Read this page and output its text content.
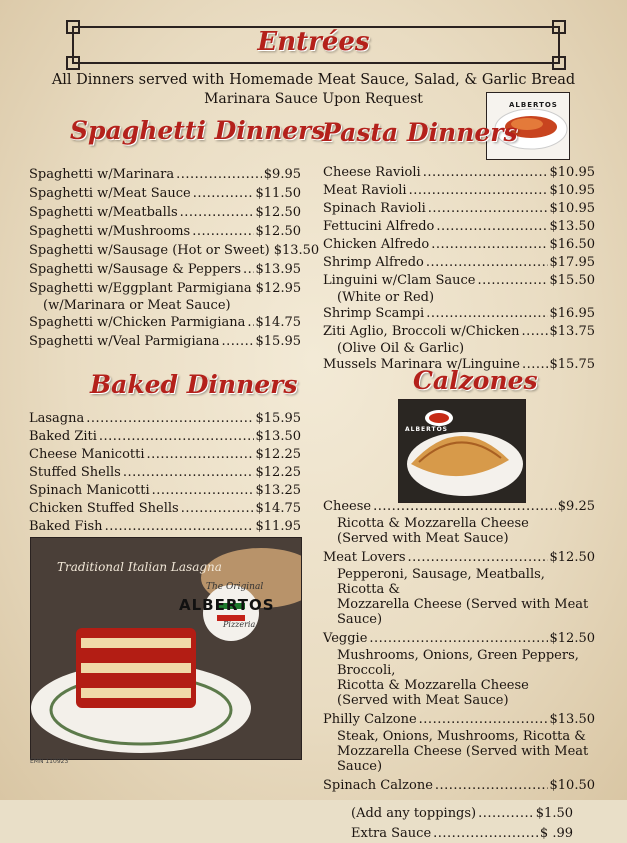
Entrées
All Dinners served with Homemade Meat Sauce, Salad, & Garlic Bread
Marinara Sauce Upon Request	ALBERTOS
Spaghetti Dinners
Pasta Dinners
Baked Dinners	Calzones
Spaghetti w/Marinara .....	$9.95
Spaghetti w/Meat Sauce .....	$11.50
Spaghetti w/Meatballs .....	$12.50
Spaghetti w/Mushrooms .....	$12.50
Spaghetti w/Sausage (Hot or Sweet) $13.50
Spaghetti w/Sausage & Peppers ..... $13.95
Spaghetti w/Eggplant Parmigiana $12.95
(w/Marinara or Meat Sauce)
Spaghetti w/Chicken Parmigiana ..... $14.75
Spaghetti w/Veal Parmigiana .....	$15.95
Cheese Ravioli .....	$10.95
Meat Ravioli .....	$10.95
Spinach Ravioli .....	$10.95
Fettucini Alfredo .....	$13.50
Chicken Alfredo .....	$16.50
Shrimp Alfredo .....	$17.95
Linguini w/Clam Sauce .....	$15.50
(White or Red)
Shrimp Scampi .....	$16.95
Ziti Aglio, Broccoli w/Chicken ..... $13.75
(Olive Oil & Garlic)
Mussels Marinara w/Linguine ..... $15.75
Lasagna .....	$15.95
Baked Ziti .....	$13.50
Cheese Manicotti .....	$12.25
Stuffed Shells .....	$12.25
Spinach Manicotti .....	$13.25
Chicken Stuffed Shells .....	$14.75
Baked Fish .....	$11.95
Cheese .....	$9.25
Ricotta & Mozzarella Cheese
(Served with Meat Sauce)
Meat Lovers .....	$12.50
Pepperoni, Sausage, Meatballs, Ricotta &
Mozzarella Cheese (Served with Meat Sauce)
Veggie .....	$12.50
Mushrooms, Onions, Green Peppers, Broccoli,
Ricotta & Mozzarella Cheese
(Served with Meat Sauce)
Philly Calzone .....	$13.50
Steak, Onions, Mushrooms, Ricotta &
Mozzarella Cheese (Served with Meat Sauce)
Spinach Calzone .....	$10.50
(Add any toppings) .....	$1.50
Extra Sauce .....	$ .99
ALBERTOS
Traditional Italian Lasagna
ALBERTOS
The Original
Pizzeria
EMN 110923
